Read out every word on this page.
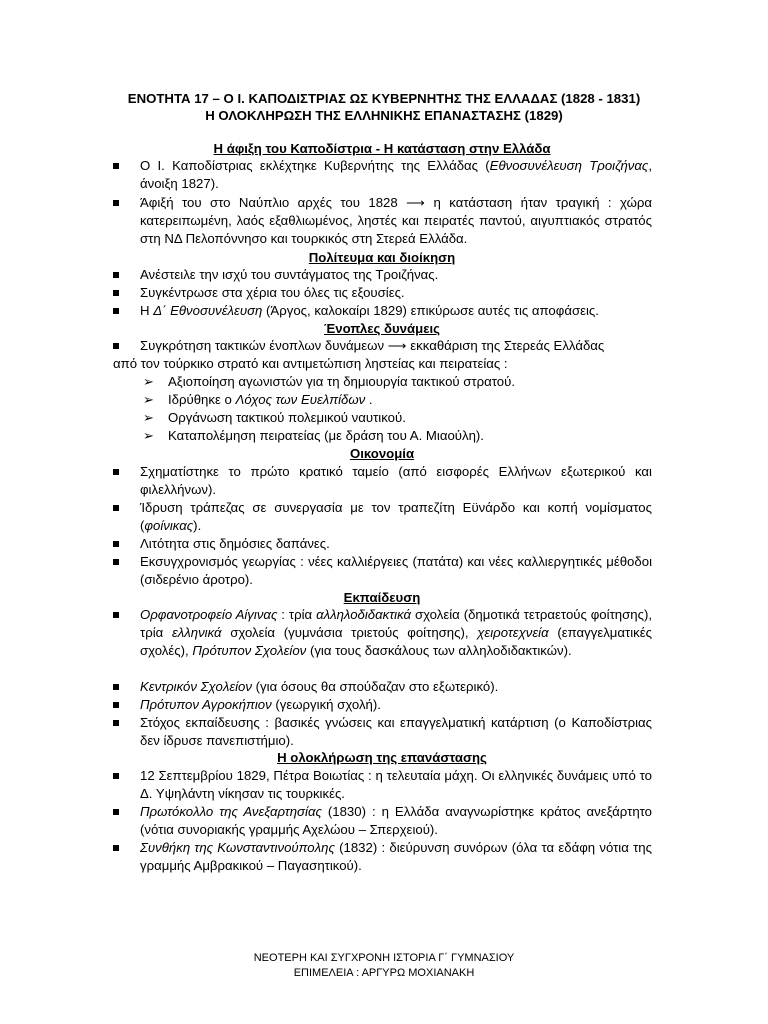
ΕΝΟΤΗΤΑ 17 – Ο Ι. ΚΑΠΟΔΙΣΤΡΙΑΣ ΩΣ ΚΥΒΕΡΝΗΤΗΣ ΤΗΣ ΕΛΛΑΔΑΣ (1828 - 1831)
Η ΟΛΟΚΛΗΡΩΣΗ ΤΗΣ ΕΛΛΗΝΙΚΗΣ ΕΠΑΝΑΣΤΑΣΗΣ (1829)
Η άφιξη του Καποδίστρια - Η κατάσταση στην Ελλάδα
Ο Ι. Καποδίστριας εκλέχτηκε Κυβερνήτης της Ελλάδας (Εθνοσυνέλευση Τροιζήνας, άνοιξη 1827).
Άφιξή του στο Ναύπλιο αρχές του 1828 ⟶ η κατάσταση ήταν τραγική : χώρα κατερειπωμένη, λαός εξαθλιωμένος, ληστές και πειρατές παντού, αιγυπτιακός στρατός στη ΝΔ Πελοπόννησο και τουρκικός στη Στερεά Ελλάδα.
Πολίτευμα και διοίκηση
Ανέστειλε την ισχύ του συντάγματος της Τροιζήνας.
Συγκέντρωσε στα χέρια του όλες τις εξουσίες.
Η Δ΄ Εθνοσυνέλευση (Άργος, καλοκαίρι 1829) επικύρωσε αυτές τις αποφάσεις.
Ένοπλες δυνάμεις
Συγκρότηση τακτικών ένοπλων δυνάμεων ⟶ εκκαθάριση της Στερεάς Ελλάδας
από τον τούρκικο στρατό και αντιμετώπιση ληστείας και πειρατείας :
➢ Αξιοποίηση αγωνιστών για τη δημιουργία τακτικού στρατού.
➢ Ιδρύθηκε ο Λόχος των Ευελπίδων .
➢ Οργάνωση τακτικού πολεμικού ναυτικού.
➢ Καταπολέμηση πειρατείας (με δράση του Α. Μιαούλη).
Οικονομία
Σχηματίστηκε το πρώτο κρατικό ταμείο (από εισφορές Ελλήνων εξωτερικού και φιλελλήνων).
Ίδρυση τράπεζας σε συνεργασία με τον τραπεζίτη Εϋνάρδο και κοπή νομίσματος (φοίνικας).
Λιτότητα στις δημόσιες δαπάνες.
Εκσυγχρονισμός γεωργίας : νέες καλλιέργειες (πατάτα) και νέες καλλιεργητικές μέθοδοι (σιδερένιο άροτρο).
Εκπαίδευση
Ορφανοτροφείο Αίγινας : τρία αλληλοδιδακτικά σχολεία (δημοτικά τετραετούς φοίτησης), τρία ελληνικά σχολεία (γυμνάσια τριετούς φοίτησης), χειροτεχνεία (επαγγελματικές σχολές), Πρότυπον Σχολείον (για τους δασκάλους των αλληλοδιδακτικών).
Κεντρικόν Σχολείον (για όσους θα σπούδαζαν στο εξωτερικό).
Πρότυπον Αγροκήπιον (γεωργική σχολή).
Στόχος εκπαίδευσης : βασικές γνώσεις και επαγγελματική κατάρτιση (ο Καποδίστριας δεν ίδρυσε πανεπιστήμιο).
Η ολοκλήρωση της επανάστασης
12 Σεπτεμβρίου 1829, Πέτρα Βοιωτίας : η τελευταία μάχη. Οι ελληνικές δυνάμεις υπό το Δ. Υψηλάντη νίκησαν τις τουρκικές.
Πρωτόκολλο της Ανεξαρτησίας (1830) : η Ελλάδα αναγνωρίστηκε κράτος ανεξάρτητο (νότια συνοριακής γραμμής Αχελώου – Σπερχειού).
Συνθήκη της Κωνσταντινούπολης (1832) : διεύρυνση συνόρων (όλα τα εδάφη νότια της γραμμής Αμβρακικού – Παγασητικού).
ΝΕΟΤΕΡΗ ΚΑΙ ΣΥΓΧΡΟΝΗ ΙΣΤΟΡΙΑ Γ΄ ΓΥΜΝΑΣΙΟΥ
ΕΠΙΜΕΛΕΙΑ : ΑΡΓΥΡΩ ΜΟΧΙΑΝΑΚΗ
